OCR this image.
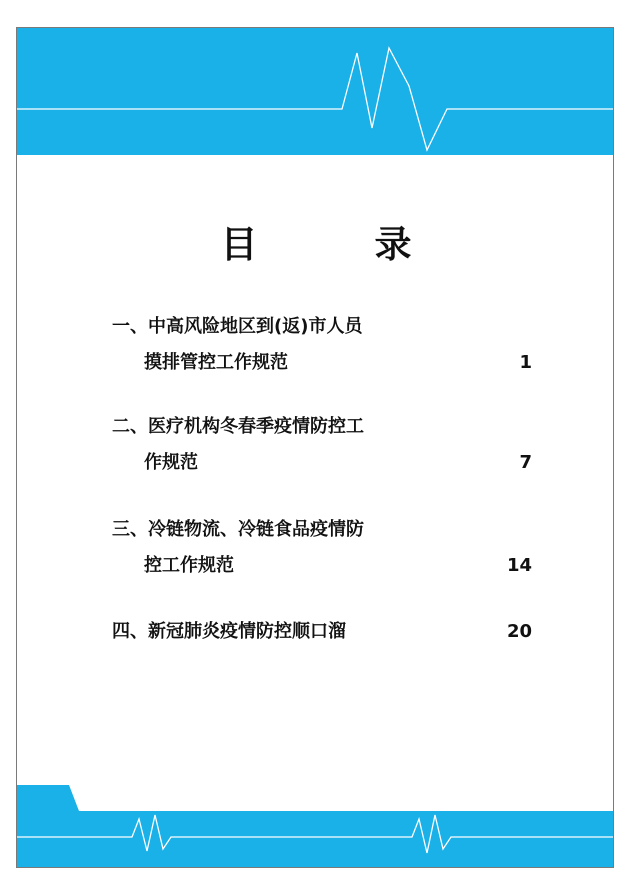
目　录
一、中高风险地区到(返)市人员
摸排管控工作规范	1
二、医疗机构冬春季疫情防控工
作规范	7
三、冷链物流、冷链食品疫情防
控工作规范	14
四、新冠肺炎疫情防控顺口溜	20
